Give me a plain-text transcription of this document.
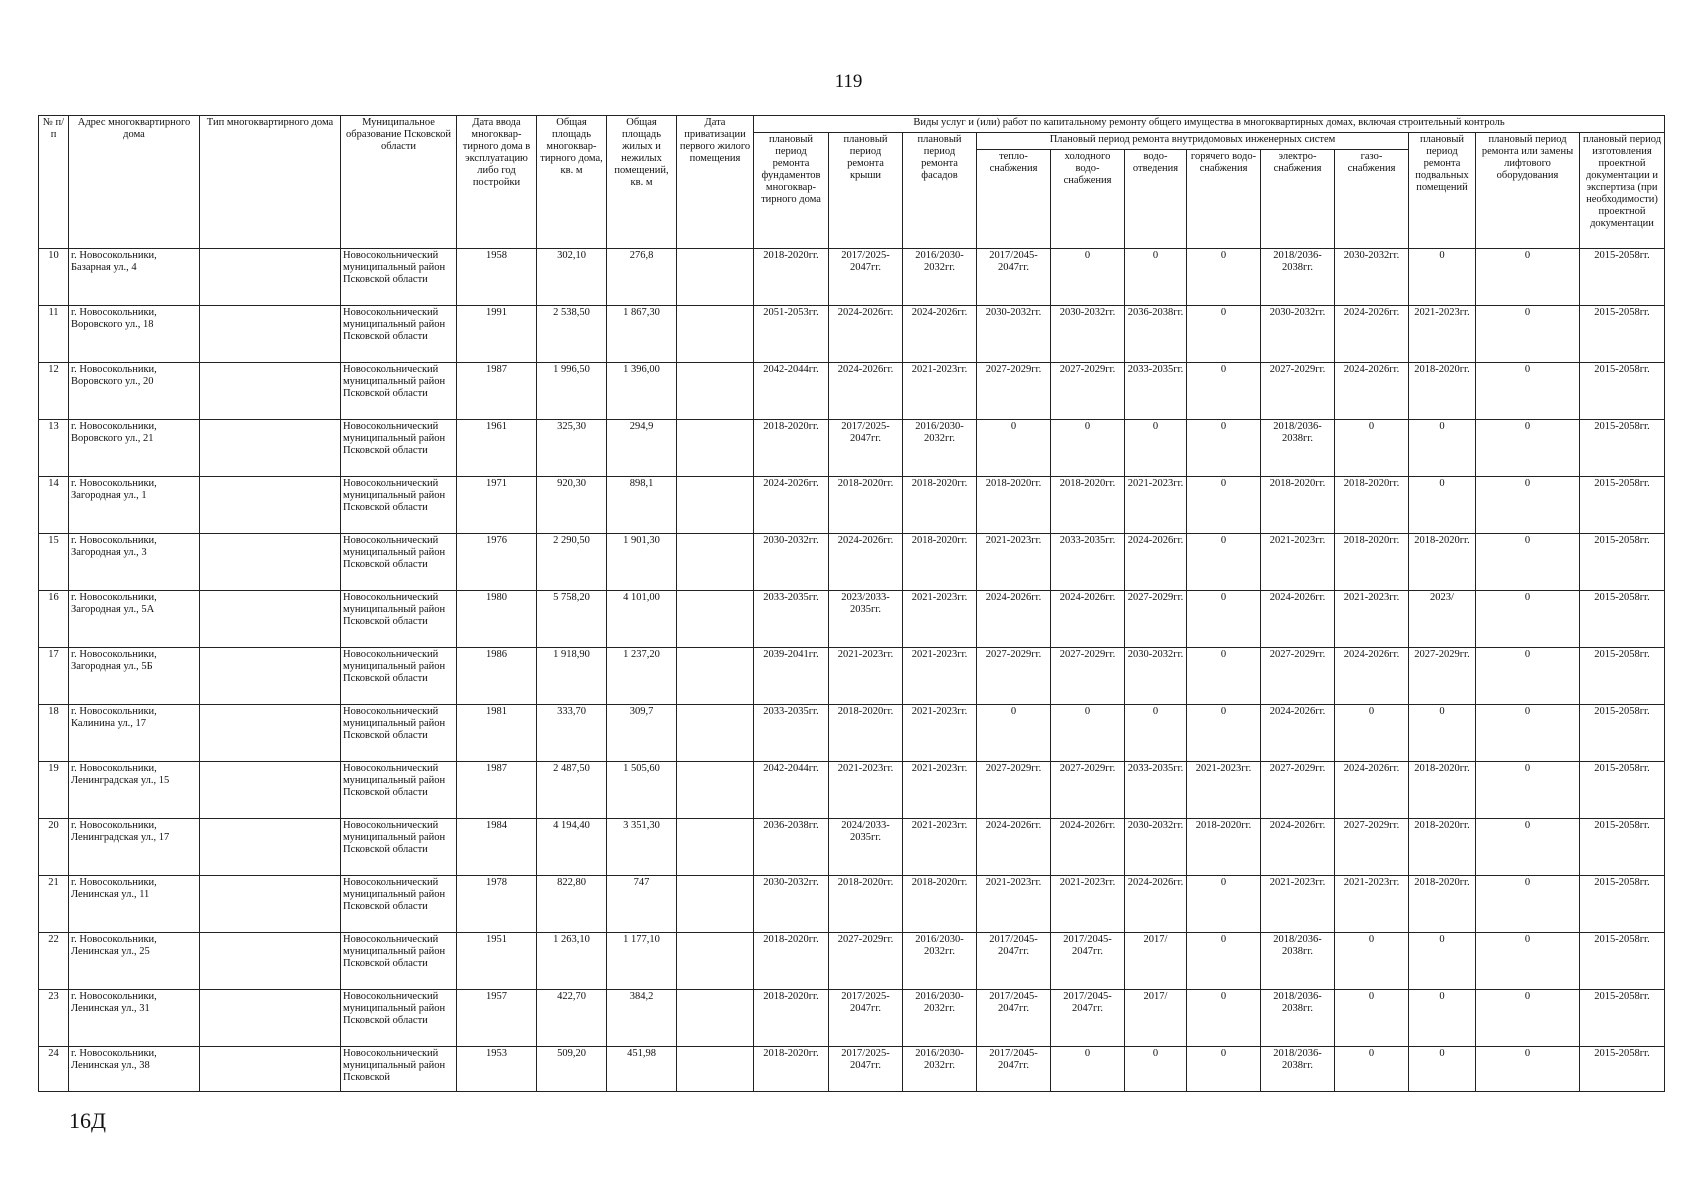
119
№ п/п	Адрес многоквартирного дома	Тип многоквартирного дома	Муниципальное образование Псковской области	Дата ввода многоквар-тирного дома в эксплуатацию либо год постройки	Общая площадь многоквар-тирного дома, кв. м	Общая площадь жилых и нежилых помещений, кв. м	Дата приватизации первого жилого помещения	Виды услуг и (или) работ по капитальному ремонту общего имущества в многоквартирных домах, включая строительный контроль											
								плановый период ремонта фундаментов многоквар-тирного дома	плановый период ремонта крыши	плановый период ремонта фасадов	Плановый период ремонта внутридомовых инженерных систем						плановый период ремонта подвальных помещений	плановый период ремонта или замены лифтового оборудования	плановый период изготовления проектной документации и экспертиза (при необходимости) проектной документации
											тепло-снабжения	холодного водо-снабжения	водо-отведения	горячего водо-снабжения	электро-снабжения	газо-снабжения			
10	г. Новосокольники, Базарная ул., 4		Новосокольнический муниципальный район Псковской области	1958	302,10	276,8		2018-2020гг.	2017/2025-2047гг.	2016/2030-2032гг.	2017/2045-2047гг.	0	0	0	2018/2036-2038гг.	2030-2032гг.	0	0	2015-2058гг.
11	г. Новосокольники, Воровского ул., 18		Новосокольнический муниципальный район Псковской области	1991	2 538,50	1 867,30		2051-2053гг.	2024-2026гг.	2024-2026гг.	2030-2032гг.	2030-2032гг.	2036-2038гг.	0	2030-2032гг.	2024-2026гг.	2021-2023гг.	0	2015-2058гг.
12	г. Новосокольники, Воровского ул., 20		Новосокольнический муниципальный район Псковской области	1987	1 996,50	1 396,00		2042-2044гг.	2024-2026гг.	2021-2023гг.	2027-2029гг.	2027-2029гг.	2033-2035гг.	0	2027-2029гг.	2024-2026гг.	2018-2020гг.	0	2015-2058гг.
13	г. Новосокольники, Воровского ул., 21		Новосокольнический муниципальный район Псковской области	1961	325,30	294,9		2018-2020гг.	2017/2025-2047гг.	2016/2030-2032гг.	0	0	0	0	2018/2036-2038гг.	0	0	0	2015-2058гг.
14	г. Новосокольники, Загородная ул., 1		Новосокольнический муниципальный район Псковской области	1971	920,30	898,1		2024-2026гг.	2018-2020гг.	2018-2020гг.	2018-2020гг.	2018-2020гг.	2021-2023гг.	0	2018-2020гг.	2018-2020гг.	0	0	2015-2058гг.
15	г. Новосокольники, Загородная ул., 3		Новосокольнический муниципальный район Псковской области	1976	2 290,50	1 901,30		2030-2032гг.	2024-2026гг.	2018-2020гг.	2021-2023гг.	2033-2035гг.	2024-2026гг.	0	2021-2023гг.	2018-2020гг.	2018-2020гг.	0	2015-2058гг.
16	г. Новосокольники, Загородная ул., 5А		Новосокольнический муниципальный район Псковской области	1980	5 758,20	4 101,00		2033-2035гг.	2023/2033-2035гг.	2021-2023гг.	2024-2026гг.	2024-2026гг.	2027-2029гг.	0	2024-2026гг.	2021-2023гг.	2023/	0	2015-2058гг.
17	г. Новосокольники, Загородная ул., 5Б		Новосокольнический муниципальный район Псковской области	1986	1 918,90	1 237,20		2039-2041гг.	2021-2023гг.	2021-2023гг.	2027-2029гг.	2027-2029гг.	2030-2032гг.	0	2027-2029гг.	2024-2026гг.	2027-2029гг.	0	2015-2058гг.
18	г. Новосокольники, Калинина ул., 17		Новосокольнический муниципальный район Псковской области	1981	333,70	309,7		2033-2035гг.	2018-2020гг.	2021-2023гг.	0	0	0	0	2024-2026гг.	0	0	0	2015-2058гг.
19	г. Новосокольники, Ленинградская ул., 15		Новосокольнический муниципальный район Псковской области	1987	2 487,50	1 505,60		2042-2044гг.	2021-2023гг.	2021-2023гг.	2027-2029гг.	2027-2029гг.	2033-2035гг.	2021-2023гг.	2027-2029гг.	2024-2026гг.	2018-2020гг.	0	2015-2058гг.
20	г. Новосокольники, Ленинградская ул., 17		Новосокольнический муниципальный район Псковской области	1984	4 194,40	3 351,30		2036-2038гг.	2024/2033-2035гг.	2021-2023гг.	2024-2026гг.	2024-2026гг.	2030-2032гг.	2018-2020гг.	2024-2026гг.	2027-2029гг.	2018-2020гг.	0	2015-2058гг.
21	г. Новосокольники, Ленинская ул., 11		Новосокольнический муниципальный район Псковской области	1978	822,80	747		2030-2032гг.	2018-2020гг.	2018-2020гг.	2021-2023гг.	2021-2023гг.	2024-2026гг.	0	2021-2023гг.	2021-2023гг.	2018-2020гг.	0	2015-2058гг.
22	г. Новосокольники, Ленинская ул., 25		Новосокольнический муниципальный район Псковской области	1951	1 263,10	1 177,10		2018-2020гг.	2027-2029гг.	2016/2030-2032гг.	2017/2045-2047гг.	2017/2045-2047гг.	2017/	0	2018/2036-2038гг.	0	0	0	2015-2058гг.
23	г. Новосокольники, Ленинская ул., 31		Новосокольнический муниципальный район Псковской области	1957	422,70	384,2		2018-2020гг.	2017/2025-2047гг.	2016/2030-2032гг.	2017/2045-2047гг.	2017/2045-2047гг.	2017/	0	2018/2036-2038гг.	0	0	0	2015-2058гг.
24	г. Новосокольники, Ленинская ул., 38		Новосокольнический муниципальный район Псковской	1953	509,20	451,98		2018-2020гг.	2017/2025-2047гг.	2016/2030-2032гг.	2017/2045-2047гг.	0	0	0	2018/2036-2038гг.	0	0	0	2015-2058гг.
16Д
